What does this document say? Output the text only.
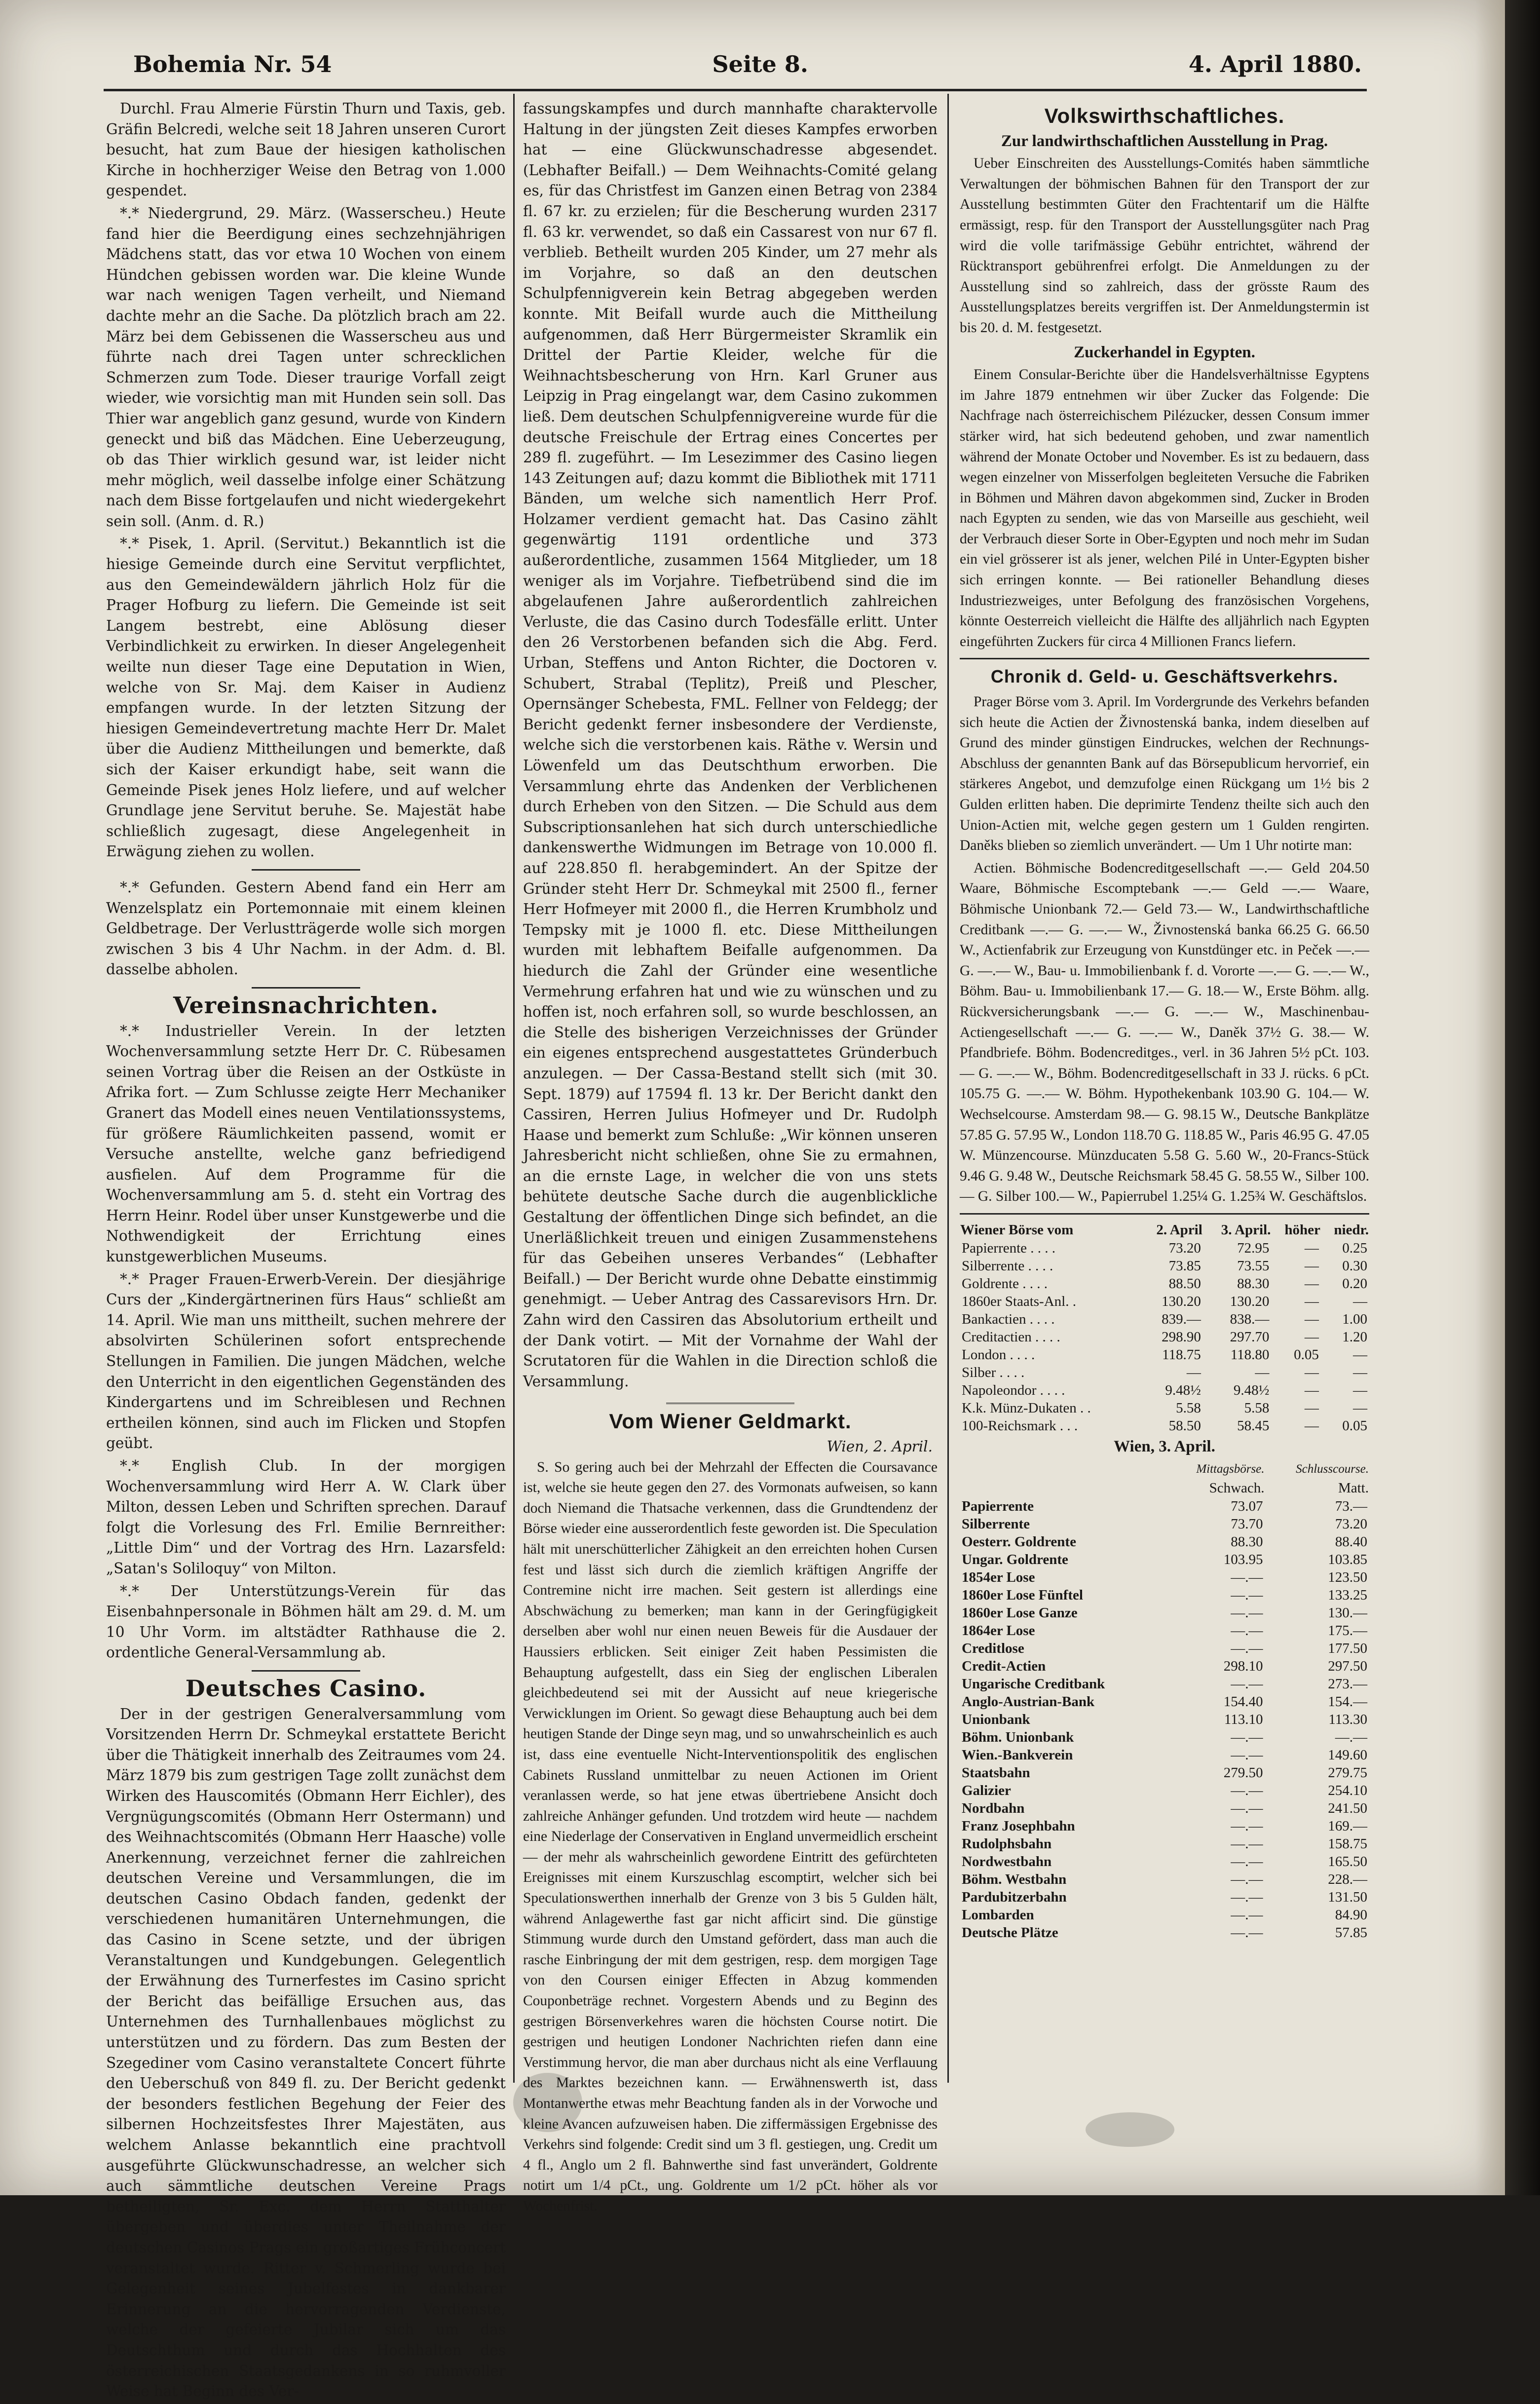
Bohemia Nr. 54	Seite 8.	4. April 1880.

Durchl. Frau Almerie Fürstin Thurn und Taxis, geb. Gräfin Belcredi, welche seit 18 Jahren unseren Curort besucht, hat zum Baue der hiesigen katholischen Kirche in hochherziger Weise den Betrag von 1.000 gespendet.

*.* Niedergrund, 29. März. (Wasserscheu.) Heute fand hier die Beerdigung eines sechzehnjährigen Mädchens statt, das vor etwa 10 Wochen von einem Hündchen gebissen worden war. Die kleine Wunde war nach wenigen Tagen verheilt, und Niemand dachte mehr an die Sache. Da plötzlich brach am 22. März bei dem Gebissenen die Wasserscheu aus und führte nach drei Tagen unter schrecklichen Schmerzen zum Tode. Dieser traurige Vorfall zeigt wieder, wie vorsichtig man mit Hunden sein soll. Das Thier war angeblich ganz gesund, wurde von Kindern geneckt und biß das Mädchen. Eine Ueberzeugung, ob das Thier wirklich gesund war, ist leider nicht mehr möglich, weil dasselbe infolge einer Schätzung nach dem Bisse fortgelaufen und nicht wiedergekehrt sein soll. (Anm. d. R.)

*.* Pisek, 1. April. (Servitut.) Bekanntlich ist die hiesige Gemeinde durch eine Servitut verpflichtet, aus den Gemeindewäldern jährlich Holz für die Prager Hofburg zu liefern. Die Gemeinde ist seit Langem bestrebt, eine Ablösung dieser Verbindlichkeit zu erwirken. In dieser Angelegenheit weilte nun dieser Tage eine Deputation in Wien, welche von Sr. Maj. dem Kaiser in Audienz empfangen wurde. In der letzten Sitzung der hiesigen Gemeindevertretung machte Herr Dr. Malet über die Audienz Mittheilungen und bemerkte, daß sich der Kaiser erkundigt habe, seit wann die Gemeinde Pisek jenes Holz liefere, und auf welcher Grundlage jene Servitut beruhe. Se. Majestät habe schließlich zugesagt, diese Angelegenheit in Erwägung ziehen zu wollen.

*.* Gefunden. Gestern Abend fand ein Herr am Wenzelsplatz ein Portemonnaie mit einem kleinen Geldbetrage. Der Verlustträgerde wolle sich morgen zwischen 3 bis 4 Uhr Nachm. in der Adm. d. Bl. dasselbe abholen.

Vereinsnachrichten.

*.* Industrieller Verein. In der letzten Wochenversammlung setzte Herr Dr. C. Rübesamen seinen Vortrag über die Reisen an der Ostküste in Afrika fort. — Zum Schlusse zeigte Herr Mechaniker Granert das Modell eines neuen Ventilationssystems, für größere Räumlichkeiten passend, womit er Versuche anstellte, welche ganz befriedigend ausfielen. Auf dem Programme für die Wochenversammlung am 5. d. steht ein Vortrag des Herrn Heinr. Rodel über unser Kunstgewerbe und die Nothwendigkeit der Errichtung eines kunstgewerblichen Museums.

*.* Prager Frauen-Erwerb-Verein. Der diesjährige Curs der „Kindergärtnerinen fürs Haus“ schließt am 14. April. Wie man uns mittheilt, suchen mehrere der absolvirten Schülerinen sofort entsprechende Stellungen in Familien. Die jungen Mädchen, welche den Unterricht in den eigentlichen Gegenständen des Kindergartens und im Schreiblesen und Rechnen ertheilen können, sind auch im Flicken und Stopfen geübt.

*.* English Club. In der morgigen Wochenversammlung wird Herr A. W. Clark über Milton, dessen Leben und Schriften sprechen. Darauf folgt die Vorlesung des Frl. Emilie Bernreither: „Little Dim“ und der Vortrag des Hrn. Lazarsfeld: „Satan's Soliloquy“ von Milton.

*.* Der Unterstützungs-Verein für das Eisenbahnpersonale in Böhmen hält am 29. d. M. um 10 Uhr Vorm. im altstädter Rathhause die 2. ordentliche General-Versammlung ab.

Deutsches Casino.

Der in der gestrigen Generalversammlung vom Vorsitzenden Herrn Dr. Schmeykal erstattete Bericht über die Thätigkeit innerhalb des Zeitraumes vom 24. März 1879 bis zum gestrigen Tage zollt zunächst dem Wirken des Hauscomités (Obmann Herr Eichler), des Vergnügungscomités (Obmann Herr Ostermann) und des Weihnachtscomités (Obmann Herr Haasche) volle Anerkennung, verzeichnet ferner die zahlreichen deutschen Vereine und Versammlungen, die im deutschen Casino Obdach fanden, gedenkt der verschiedenen humanitären Unternehmungen, die das Casino in Scene setzte, und der übrigen Veranstaltungen und Kundgebungen. Gelegentlich der Erwähnung des Turnerfestes im Casino spricht der Bericht das beifällige Ersuchen aus, das Unternehmen des Turnhallenbaues möglichst zu unterstützen und zu fördern. Das zum Besten der Szegediner vom Casino veranstaltete Concert führte den Ueberschuß von 849 fl. zu. Der Bericht gedenkt der besonders festlichen Begehung der Feier des silbernen Hochzeitsfestes Ihrer Majestäten, aus welchem Anlasse bekanntlich eine prachtvoll ausgeführte Glückwunschadresse, an welcher sich auch sämmtliche deutschen Vereine Prags betheiligten, Sr. Exc. dem Herrn Statthalter übergeben und überdies unter Theilnahme der deutschen Casinos Prags ein großartiges Frühconcert veranstaltet wurde. Ritter v. Schmerling wurde bei Gelegenheit seines Jubelfestes in dankbarer Erinnerung an die hervorragenden Verdienste, welche der gefeierte Jubilar sich um das Deutschthum und durch das Hochhalten des österreichischen Staatsgedankens in so ruhmvoller Weise hat Beginn des Ver-

fassungskampfes und durch mannhafte charaktervolle Haltung in der jüngsten Zeit dieses Kampfes erworben hat — eine Glückwunschadresse abgesendet. (Lebhafter Beifall.) — Dem Weihnachts-Comité gelang es, für das Christfest im Ganzen einen Betrag von 2384 fl. 67 kr. zu erzielen; für die Bescherung wurden 2317 fl. 63 kr. verwendet, so daß ein Cassarest von nur 67 fl. verblieb. Betheilt wurden 205 Kinder, um 27 mehr als im Vorjahre, so daß an den deutschen Schulpfennigverein kein Betrag abgegeben werden konnte. Mit Beifall wurde auch die Mittheilung aufgenommen, daß Herr Bürgermeister Skramlik ein Drittel der Partie Kleider, welche für die Weihnachtsbescherung von Hrn. Karl Gruner aus Leipzig in Prag eingelangt war, dem Casino zukommen ließ. Dem deutschen Schulpfennigvereine wurde für die deutsche Freischule der Ertrag eines Concertes per 289 fl. zugeführt. — Im Lesezimmer des Casino liegen 143 Zeitungen auf; dazu kommt die Bibliothek mit 1711 Bänden, um welche sich namentlich Herr Prof. Holzamer verdient gemacht hat. Das Casino zählt gegenwärtig 1191 ordentliche und 373 außerordentliche, zusammen 1564 Mitglieder, um 18 weniger als im Vorjahre. Tiefbetrübend sind die im abgelaufenen Jahre außerordentlich zahlreichen Verluste, die das Casino durch Todesfälle erlitt. Unter den 26 Verstorbenen befanden sich die Abg. Ferd. Urban, Steffens und Anton Richter, die Doctoren v. Schubert, Strabal (Teplitz), Preiß und Plescher, Opernsänger Schebesta, FML. Fellner von Feldegg; der Bericht gedenkt ferner insbesondere der Verdienste, welche sich die verstorbenen kais. Räthe v. Wersin und Löwenfeld um das Deutschthum erworben. Die Versammlung ehrte das Andenken der Verblichenen durch Erheben von den Sitzen. — Die Schuld aus dem Subscriptionsanlehen hat sich durch unterschiedliche dankenswerthe Widmungen im Betrage von 10.000 fl. auf 228.850 fl. herabgemindert. An der Spitze der Gründer steht Herr Dr. Schmeykal mit 2500 fl., ferner Herr Hofmeyer mit 2000 fl., die Herren Krumbholz und Tempsky mit je 1000 fl. etc. Diese Mittheilungen wurden mit lebhaftem Beifalle aufgenommen. Da hiedurch die Zahl der Gründer eine wesentliche Vermehrung erfahren hat und wie zu wünschen und zu hoffen ist, noch erfahren soll, so wurde beschlossen, an die Stelle des bisherigen Verzeichnisses der Gründer ein eigenes entsprechend ausgestattetes Gründerbuch anzulegen. — Der Cassa-Bestand stellt sich (mit 30. Sept. 1879) auf 17594 fl. 13 kr. Der Bericht dankt den Cassiren, Herren Julius Hofmeyer und Dr. Rudolph Haase und bemerkt zum Schluße: „Wir können unseren Jahresbericht nicht schließen, ohne Sie zu ermahnen, an die ernste Lage, in welcher die von uns stets behütete deutsche Sache durch die augenblickliche Gestaltung der öffentlichen Dinge sich befindet, an die Unerläßlichkeit treuen und einigen Zusammenstehens für das Gebeihen unseres Verbandes“ (Lebhafter Beifall.) — Der Bericht wurde ohne Debatte einstimmig genehmigt. — Ueber Antrag des Cassarevisors Hrn. Dr. Zahn wird den Cassiren das Absolutorium ertheilt und der Dank votirt. — Mit der Vornahme der Wahl der Scrutatoren für die Wahlen in die Direction schloß die Versammlung.

Vom Wiener Geldmarkt.
Wien, 2. April.

S. So gering auch bei der Mehrzahl der Effecten die Coursavance ist, welche sie heute gegen den 27. des Vormonats aufweisen, so kann doch Niemand die Thatsache verkennen, dass die Grundtendenz der Börse wieder eine ausserordentlich feste geworden ist. Die Speculation hält mit unerschütterlicher Zähigkeit an den erreichten hohen Cursen fest und lässt sich durch die ziemlich kräftigen Angriffe der Contremine nicht irre machen. Seit gestern ist allerdings eine Abschwächung zu bemerken; man kann in der Geringfügigkeit derselben aber wohl nur einen neuen Beweis für die Ausdauer der Haussiers erblicken. Seit einiger Zeit haben Pessimisten die Behauptung aufgestellt, dass ein Sieg der englischen Liberalen gleichbedeutend sei mit der Aussicht auf neue kriegerische Verwicklungen im Orient. So gewagt diese Behauptung auch bei dem heutigen Stande der Dinge seyn mag, und so unwahrscheinlich es auch ist, dass eine eventuelle Nicht-Interventionspolitik des englischen Cabinets Russland unmittelbar zu neuen Actionen im Orient veranlassen werde, so hat jene etwas übertriebene Ansicht doch zahlreiche Anhänger gefunden. Und trotzdem wird heute — nachdem eine Niederlage der Conservativen in England unvermeidlich erscheint — der mehr als wahrscheinlich gewordene Eintritt des gefürchteten Ereignisses mit einem Kurszuschlag escomptirt, welcher sich bei Speculationswerthen innerhalb der Grenze von 3 bis 5 Gulden hält, während Anlagewerthe fast gar nicht afficirt sind. Die günstige Stimmung wurde durch den Umstand gefördert, dass man auch die rasche Einbringung der mit dem gestrigen, resp. dem morgigen Tage von den Coursen einiger Effecten in Abzug kommenden Couponbeträge rechnet. Vorgestern Abends und zu Beginn des gestrigen Börsenverkehres waren die höchsten Course notirt. Die gestrigen und heutigen Londoner Nachrichten riefen dann eine Verstimmung hervor, die man aber durchaus nicht als eine Verflauung des Marktes bezeichnen kann. — Erwähnenswerth ist, dass Montanwerthe etwas mehr Beachtung fanden als in der Vorwoche und kleine Avancen aufzuweisen haben. Die ziffermässigen Ergebnisse des Verkehrs sind folgende: Credit sind um 3 fl. gestiegen, ung. Credit um 4 fl., Anglo um 2 fl. Bahnwerthe sind fast unverändert, Goldrente notirt um 1/4 pCt., ung. Goldrente um 1/2 pCt. höher als vor Wochenfrist.

Volkswirthschaftliches.
Zur landwirthschaftlichen Ausstellung in Prag.

Ueber Einschreiten des Ausstellungs-Comités haben sämmtliche Verwaltungen der böhmischen Bahnen für den Transport der zur Ausstellung bestimmten Güter den Frachtentarif um die Hälfte ermässigt, resp. für den Transport der Ausstellungsgüter nach Prag wird die volle tarifmässige Gebühr entrichtet, während der Rücktransport gebührenfrei erfolgt. Die Anmeldungen zu der Ausstellung sind so zahlreich, dass der grösste Raum des Ausstellungsplatzes bereits vergriffen ist. Der Anmeldungstermin ist bis 20. d. M. festgesetzt.

Zuckerhandel in Egypten.

Einem Consular-Berichte über die Handelsverhältnisse Egyptens im Jahre 1879 entnehmen wir über Zucker das Folgende: Die Nachfrage nach österreichischem Pilézucker, dessen Consum immer stärker wird, hat sich bedeutend gehoben, und zwar namentlich während der Monate October und November. Es ist zu bedauern, dass wegen einzelner von Misserfolgen begleiteten Versuche die Fabriken in Böhmen und Mähren davon abgekommen sind, Zucker in Broden nach Egypten zu senden, wie das von Marseille aus geschieht, weil der Verbrauch dieser Sorte in Ober-Egypten und noch mehr im Sudan ein viel grösserer ist als jener, welchen Pilé in Unter-Egypten bisher sich erringen konnte. — Bei rationeller Behandlung dieses Industriezweiges, unter Befolgung des französischen Vorgehens, könnte Oesterreich vielleicht die Hälfte des alljährlich nach Egypten eingeführten Zuckers für circa 4 Millionen Francs liefern.

Chronik d. Geld- u. Geschäftsverkehrs.

Prager Börse vom 3. April. Im Vordergrunde des Verkehrs befanden sich heute die Actien der Živnostenská banka, indem dieselben auf Grund des minder günstigen Eindruckes, welchen der Rechnungs-Abschluss der genannten Bank auf das Börsepublicum hervorrief, ein stärkeres Angebot, und demzufolge einen Rückgang um 1½ bis 2 Gulden erlitten haben. Die deprimirte Tendenz theilte sich auch den Union-Actien mit, welche gegen gestern um 1 Gulden rengirten. Daněks blieben so ziemlich unverändert. — Um 1 Uhr notirte man:

Actien. Böhmische Bodencreditgesellschaft —.— Geld 204.50 Waare, Böhmische Escomptebank —.— Geld —.— Waare, Böhmische Unionbank 72.— Geld 73.— W., Landwirthschaftliche Creditbank —.— G. —.— W., Živnostenská banka 66.25 G. 66.50 W., Actienfabrik zur Erzeugung von Kunstdünger etc. in Peček —.— G. —.— W., Bau- u. Immobilienbank f. d. Vororte —.— G. —.— W., Böhm. Bau- u. Immobilienbank 17.— G. 18.— W., Erste Böhm. allg. Rückversicherungsbank —.— G. —.— W., Maschinenbau-Actiengesellschaft —.— G. —.— W., Daněk 37½ G. 38.— W. Pfandbriefe. Böhm. Bodencreditges., verl. in 36 Jahren 5½ pCt. 103.— G. —.— W., Böhm. Bodencreditgesellschaft in 33 J. rücks. 6 pCt. 105.75 G. —.— W. Böhm. Hypothekenbank 103.90 G. 104.— W. Wechselcourse. Amsterdam 98.— G. 98.15 W., Deutsche Bankplätze 57.85 G. 57.95 W., London 118.70 G. 118.85 W., Paris 46.95 G. 47.05 W. Münzencourse. Münzducaten 5.58 G. 5.60 W., 20-Francs-Stück 9.46 G. 9.48 W., Deutsche Reichsmark 58.45 G. 58.55 W., Silber 100.— G. Silber 100.— W., Papierrubel 1.25¼ G. 1.25¾ W. Geschäftslos.

Wiener Börse vom	2. April	3. April.	höher	niedr.
Papierrente . . . .	73.20	72.95	—	0.25
Silberrente . . . .	73.85	73.55	—	0.30
Goldrente . . . .	88.50	88.30	—	0.20
1860er Staats-Anl. .	130.20	130.20	—	—
Bankactien . . . .	839.—	838.—	—	1.00
Creditactien . . . .	298.90	297.70	—	1.20
London . . . .	118.75	118.80	0.05	—
Silber . . . .	—	—	—	—
Napoleondor . . . .	9.48½	9.48½	—	—
K.k. Münz-Dukaten . .	5.58	5.58	—	—
100-Reichsmark . . .	58.50	58.45	—	0.05
Wien, 3. April.
	Mittagsbörse.	Schlusscourse.
	Schwach.	Matt.
Papierrente	73.07	73.—
Silberrente	73.70	73.20
Oesterr. Goldrente	88.30	88.40
Ungar. Goldrente	103.95	103.85
1854er Lose	—.—	123.50
1860er Lose Fünftel	—.—	133.25
1860er Lose Ganze	—.—	130.—
1864er Lose	—.—	175.—
Creditlose	—.—	177.50
Credit-Actien	298.10	297.50
Ungarische Creditbank	—.—	273.—
Anglo-Austrian-Bank	154.40	154.—
Unionbank	113.10	113.30
Böhm. Unionbank	—.—	—.—
Wien.-Bankverein	—.—	149.60
Staatsbahn	279.50	279.75
Galizier	—.—	254.10
Nordbahn	—.—	241.50
Franz Josephbahn	—.—	169.—
Rudolphsbahn	—.—	158.75
Nordwestbahn	—.—	165.50
Böhm. Westbahn	—.—	228.—
Pardubitzerbahn	—.—	131.50
Lombarden	—.—	84.90
Deutsche Plätze	—.—	57.85
